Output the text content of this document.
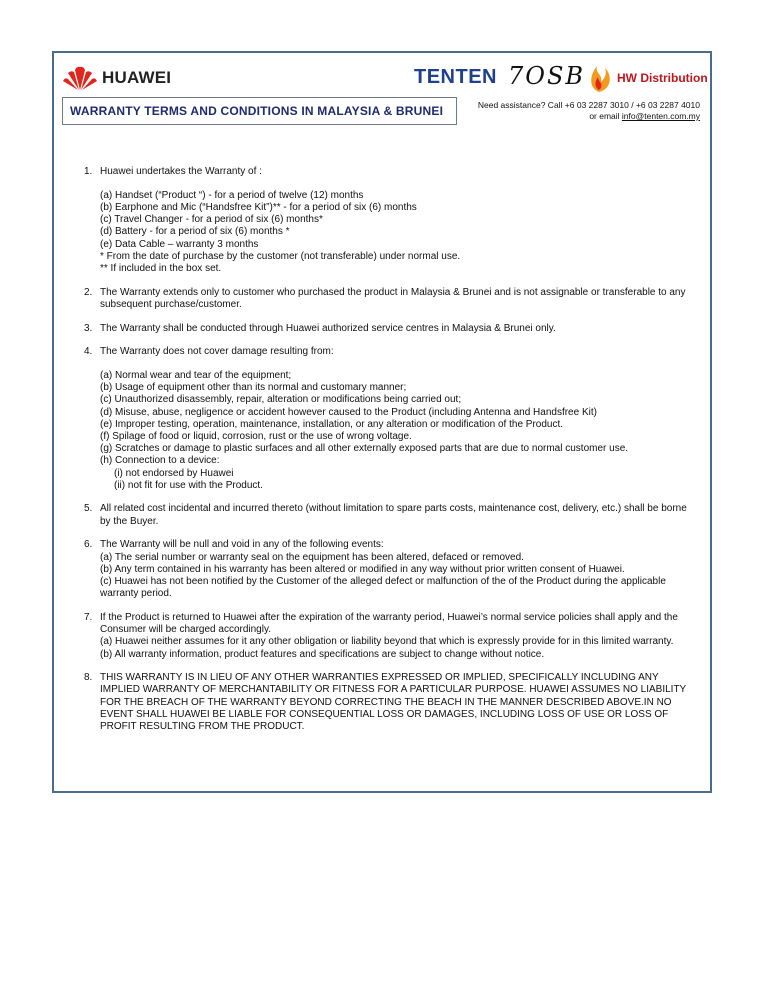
HUAWEI	TENTEN 7OSB	HW Distribution
WARRANTY TERMS AND CONDITIONS IN MALAYSIA & BRUNEI	Need assistance? Call +6 03 2287 3010 / +6 03 2287 4010
or email info@tenten.com.my
1. Huawei undertakes the Warranty of :
(a) Handset (“Product “) - for a period of twelve (12) months
(b) Earphone and Mic (“Handsfree Kit”)** - for a period of six (6) months
(c) Travel Changer - for a period of six (6) months*
(d) Battery - for a period of six (6) months *
(e) Data Cable – warranty 3 months
* From the date of purchase by the customer (not transferable) under normal use.
** If included in the box set.
2. The Warranty extends only to customer who purchased the product in Malaysia & Brunei and is not assignable or transferable to any subsequent purchase/customer.
3. The Warranty shall be conducted through Huawei authorized service centres in Malaysia & Brunei only.
4. The Warranty does not cover damage resulting from:
(a) Normal wear and tear of the equipment;
(b) Usage of equipment other than its normal and customary manner;
(c) Unauthorized disassembly, repair, alteration or modifications being carried out;
(d) Misuse, abuse, negligence or accident however caused to the Product (including Antenna and Handsfree Kit)
(e) Improper testing, operation, maintenance, installation, or any alteration or modification of the Product.
(f) Spilage of food or liquid, corrosion, rust or the use of wrong voltage.
(g) Scratches or damage to plastic surfaces and all other externally exposed parts that are due to normal customer use.
(h) Connection to a device:
(i) not endorsed by Huawei
(ii) not fit for use with the Product.
5. All related cost incidental and incurred thereto (without limitation to spare parts costs, maintenance cost, delivery, etc.) shall be borne by the Buyer.
6. The Warranty will be null and void in any of the following events:
(a) The serial number or warranty seal on the equipment has been altered, defaced or removed.
(b) Any term contained in his warranty has been altered or modified in any way without prior written consent of Huawei.
(c) Huawei has not been notified by the Customer of the alleged defect or malfunction of the of the Product during the applicable warranty period.
7. If the Product is returned to Huawei after the expiration of the warranty period, Huawei’s normal service policies shall apply and the Consumer will be charged accordingly.
(a) Huawei neither assumes for it any other obligation or liability beyond that which is expressly provide for in this limited warranty.
(b) All warranty information, product features and specifications are subject to change without notice.
8. THIS WARRANTY IS IN LIEU OF ANY OTHER WARRANTIES EXPRESSED OR IMPLIED, SPECIFICALLY INCLUDING ANY IMPLIED WARRANTY OF MERCHANTABILITY OR FITNESS FOR A PARTICULAR PURPOSE. HUAWEI ASSUMES NO LIABILITY FOR THE BREACH OF THE WARRANTY BEYOND CORRECTING THE BEACH IN THE MANNER DESCRIBED ABOVE.IN NO EVENT SHALL HUAWEI BE LIABLE FOR CONSEQUENTIAL LOSS OR DAMAGES, INCLUDING LOSS OF USE OR LOSS OF PROFIT RESULTING FROM THE PRODUCT.
